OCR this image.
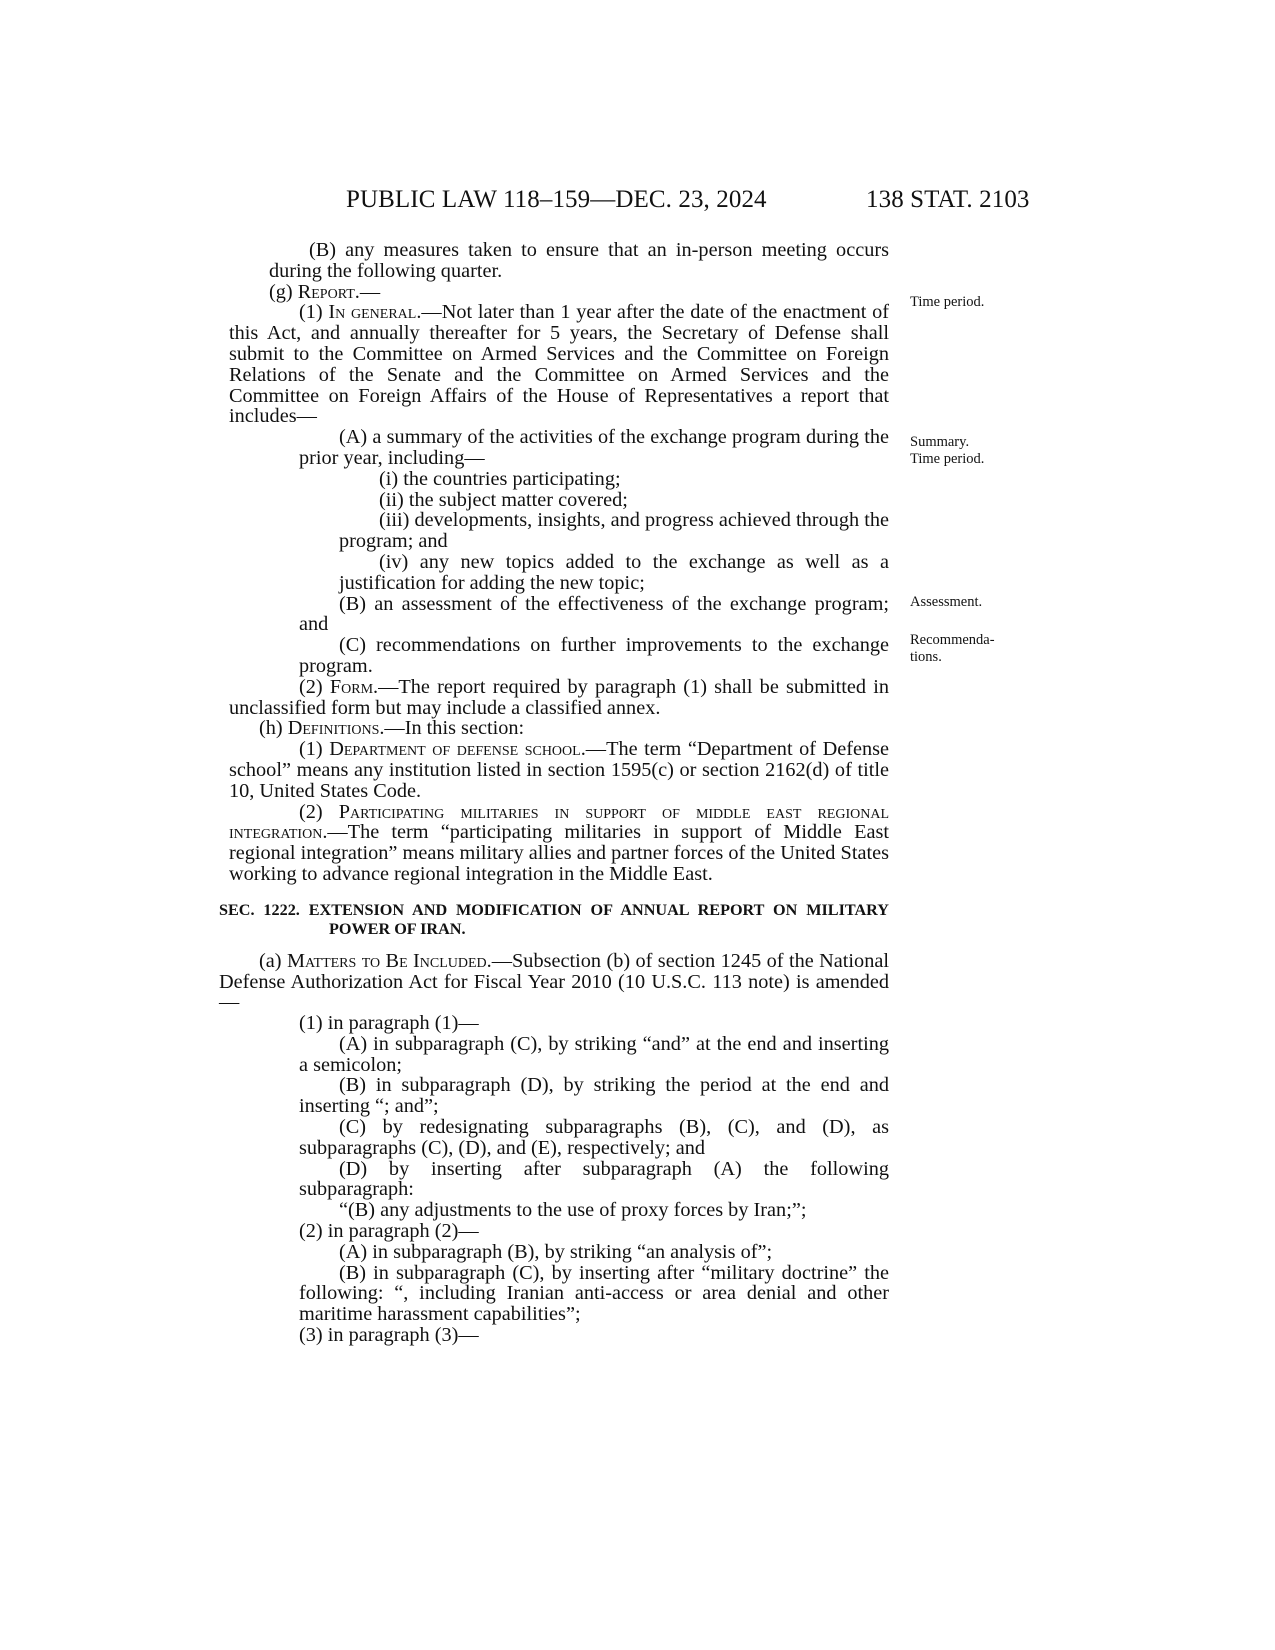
PUBLIC LAW 118–159—DEC. 23, 2024	138 STAT. 2103

(B) any measures taken to ensure that an in-person meeting occurs during the following quarter.

(g) Report.—

(1) In general.—Not later than 1 year after the date of the enactment of this Act, and annually thereafter for 5 years, the Secretary of Defense shall submit to the Committee on Armed Services and the Committee on Foreign Relations of the Senate and the Committee on Armed Services and the Committee on Foreign Affairs of the House of Representatives a report that includes—

(A) a summary of the activities of the exchange program during the prior year, including—

(i) the countries participating;

(ii) the subject matter covered;

(iii) developments, insights, and progress achieved through the program; and

(iv) any new topics added to the exchange as well as a justification for adding the new topic;

(B) an assessment of the effectiveness of the exchange program; and

(C) recommendations on further improvements to the exchange program.

(2) Form.—The report required by paragraph (1) shall be submitted in unclassified form but may include a classified annex.

(h) Definitions.—In this section:

(1) Department of defense school.—The term “Department of Defense school” means any institution listed in section 1595(c) or section 2162(d) of title 10, United States Code.

(2) Participating militaries in support of middle east regional integration.—The term “participating militaries in support of Middle East regional integration” means military allies and partner forces of the United States working to advance regional integration in the Middle East.

SEC. 1222. EXTENSION AND MODIFICATION OF ANNUAL REPORT ON MILITARY POWER OF IRAN.

(a) Matters to Be Included.—Subsection (b) of section 1245 of the National Defense Authorization Act for Fiscal Year 2010 (10 U.S.C. 113 note) is amended—

(1) in paragraph (1)—

(A) in subparagraph (C), by striking “and” at the end and inserting a semicolon;

(B) in subparagraph (D), by striking the period at the end and inserting “; and”;

(C) by redesignating subparagraphs (B), (C), and (D), as subparagraphs (C), (D), and (E), respectively; and

(D) by inserting after subparagraph (A) the following subparagraph:

“(B) any adjustments to the use of proxy forces by Iran;”;

(2) in paragraph (2)—

(A) in subparagraph (B), by striking “an analysis of”;

(B) in subparagraph (C), by inserting after “military doctrine” the following: “, including Iranian anti-access or area denial and other maritime harassment capabilities”;

(3) in paragraph (3)—

Time period.

Summary.

Time period.

Assessment.

Recommenda-

tions.
